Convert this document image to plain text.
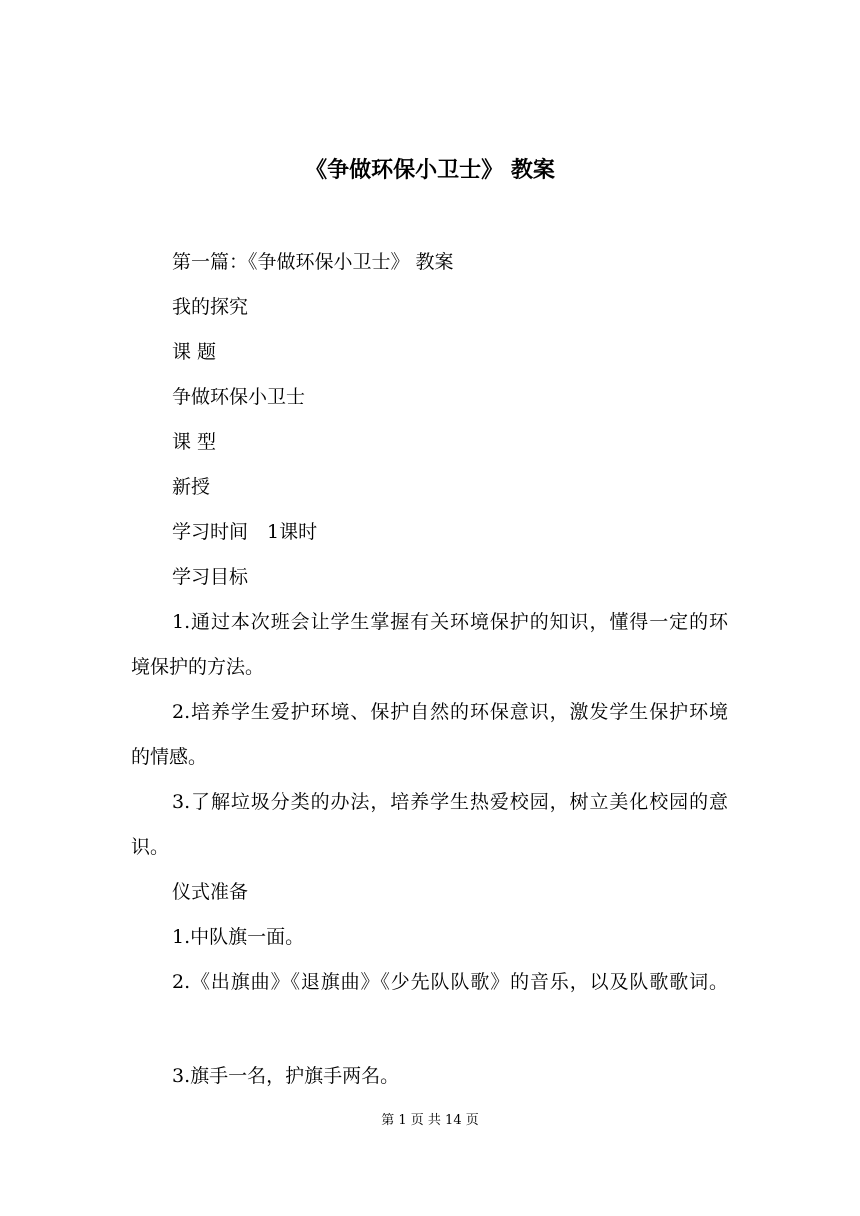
《争做环保小卫士》 教案
第一篇：《争做环保小卫士》 教案
我的探究
课 题
争做环保小卫士
课 型
新授
学习时间　1课时
学习目标
1.通过本次班会让学生掌握有关环境保护的知识，懂得一定的环
境保护的方法。
2.培养学生爱护环境、保护自然的环保意识，激发学生保护环境
的情感。
3.了解垃圾分类的办法，培养学生热爱校园，树立美化校园的意
识。
仪式准备
1.中队旗一面。
2.《出旗曲》《退旗曲》《少先队队歌》的音乐，以及队歌歌词。
3.旗手一名，护旗手两名。
第 1 页 共 14 页
